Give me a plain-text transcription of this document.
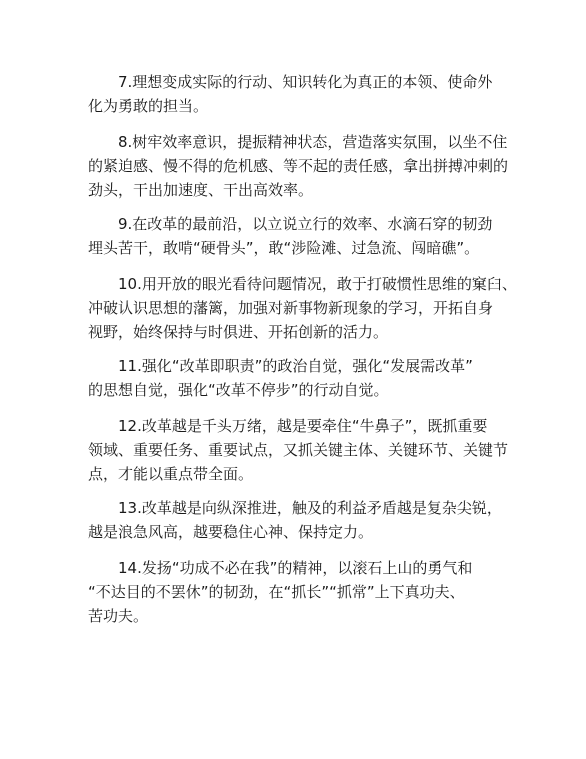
7.理想变成实际的行动、知识转化为真正的本领、使命外
化为勇敢的担当。
8.树牢效率意识，提振精神状态，营造落实氛围，以坐不住
的紧迫感、慢不得的危机感、等不起的责任感，拿出拼搏冲刺的
劲头，干出加速度、干出高效率。
9.在改革的最前沿，以立说立行的效率、水滴石穿的韧劲
埋头苦干，敢啃“硬骨头”，敢“涉险滩、过急流、闯暗礁”。
10.用开放的眼光看待问题情况，敢于打破惯性思维的窠臼、
冲破认识思想的藩篱，加强对新事物新现象的学习，开拓自身
视野，始终保持与时俱进、开拓创新的活力。
11.强化“改革即职责”的政治自觉，强化“发展需改革”
的思想自觉，强化“改革不停步”的行动自觉。
12.改革越是千头万绪，越是要牵住“牛鼻子”，既抓重要
领域、重要任务、重要试点，又抓关键主体、关键环节、关键节
点，才能以重点带全面。
13.改革越是向纵深推进，触及的利益矛盾越是复杂尖锐，
越是浪急风高，越要稳住心神、保持定力。
14.发扬“功成不必在我”的精神，以滚石上山的勇气和
“不达目的不罢休”的韧劲，在“抓长”“抓常”上下真功夫、
苦功夫。
